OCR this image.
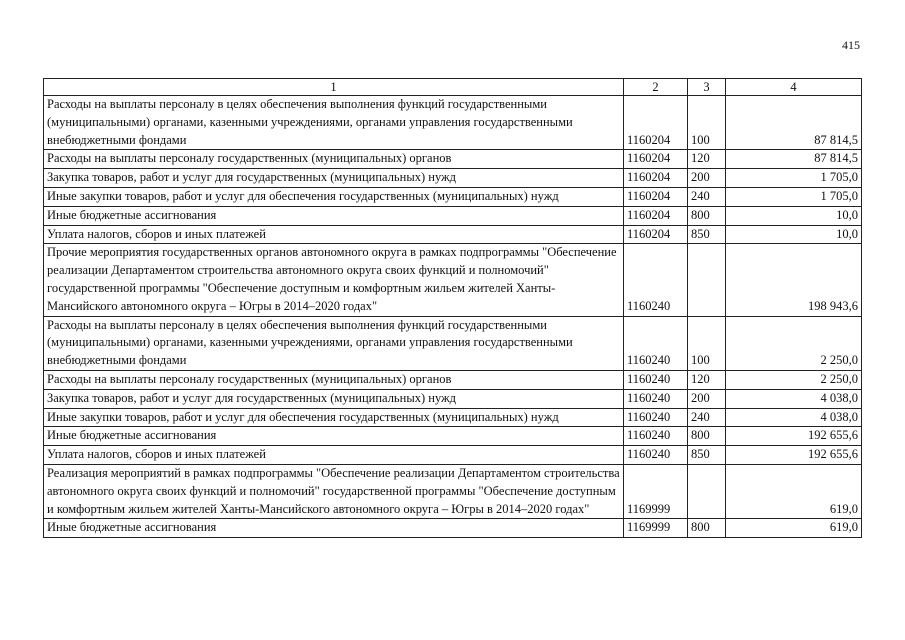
415
1	2	3	4
Расходы на выплаты персоналу в целях обеспечения выполнения функций государственными (муниципальными) органами, казенными учреждениями, органами управления государственными внебюджетными фондами	1160204	100	87 814,5
Расходы на выплаты персоналу государственных (муниципальных) органов	1160204	120	87 814,5
Закупка товаров, работ и услуг для государственных (муниципальных) нужд	1160204	200	1 705,0
Иные закупки товаров, работ и услуг для обеспечения государственных (муниципальных) нужд	1160204	240	1 705,0
Иные бюджетные ассигнования	1160204	800	10,0
Уплата налогов, сборов и иных платежей	1160204	850	10,0
Прочие мероприятия государственных органов автономного округа в рамках подпрограммы "Обеспечение реализации Департаментом строительства автономного округа своих функций и полномочий" государственной программы "Обеспечение доступным и комфортным жильем жителей Ханты-Мансийского автономного округа – Югры в 2014–2020 годах"	1160240		198 943,6
Расходы на выплаты персоналу в целях обеспечения выполнения функций государственными (муниципальными) органами, казенными учреждениями, органами управления государственными внебюджетными фондами	1160240	100	2 250,0
Расходы на выплаты персоналу государственных (муниципальных) органов	1160240	120	2 250,0
Закупка товаров, работ и услуг для государственных (муниципальных) нужд	1160240	200	4 038,0
Иные закупки товаров, работ и услуг для обеспечения государственных (муниципальных) нужд	1160240	240	4 038,0
Иные бюджетные ассигнования	1160240	800	192 655,6
Уплата налогов, сборов и иных платежей	1160240	850	192 655,6
Реализация мероприятий в рамках подпрограммы "Обеспечение реализации Департаментом строительства автономного округа своих функций и полномочий" государственной программы "Обеспечение доступным и комфортным жильем жителей Ханты-Мансийского автономного округа – Югры в 2014–2020 годах"	1169999		619,0
Иные бюджетные ассигнования	1169999	800	619,0
